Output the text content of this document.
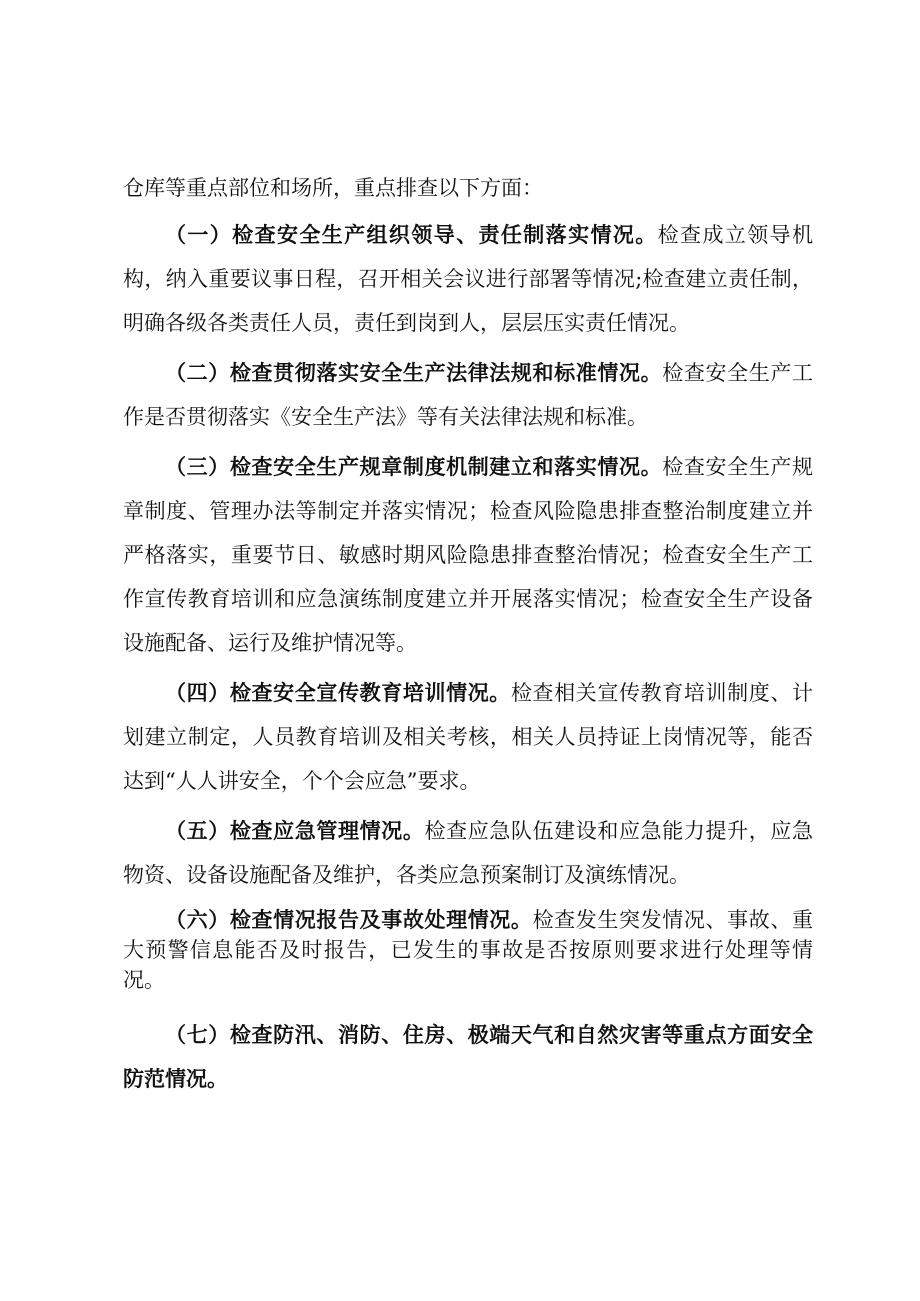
仓库等重点部位和场所，重点排查以下方面：

（一）检查安全生产组织领导、责任制落实情况。检查成立领导机构，纳入重要议事日程，召开相关会议进行部署等情况;检查建立责任制，明确各级各类责任人员，责任到岗到人，层层压实责任情况。

（二）检查贯彻落实安全生产法律法规和标准情况。检查安全生产工作是否贯彻落实《安全生产法》等有关法律法规和标准。

（三）检查安全生产规章制度机制建立和落实情况。检查安全生产规章制度、管理办法等制定并落实情况；检查风险隐患排查整治制度建立并严格落实，重要节日、敏感时期风险隐患排查整治情况；检查安全生产工作宣传教育培训和应急演练制度建立并开展落实情况；检查安全生产设备设施配备、运行及维护情况等。

（四）检查安全宣传教育培训情况。检查相关宣传教育培训制度、计划建立制定，人员教育培训及相关考核，相关人员持证上岗情况等，能否达到“人人讲安全，个个会应急”要求。

（五）检查应急管理情况。检查应急队伍建设和应急能力提升，应急物资、设备设施配备及维护，各类应急预案制订及演练情况。

（六）检查情况报告及事故处理情况。检查发生突发情况、事故、重大预警信息能否及时报告，已发生的事故是否按原则要求进行处理等情况。

（七）检查防汛、消防、住房、极端天气和自然灾害等重点方面安全防范情况。
